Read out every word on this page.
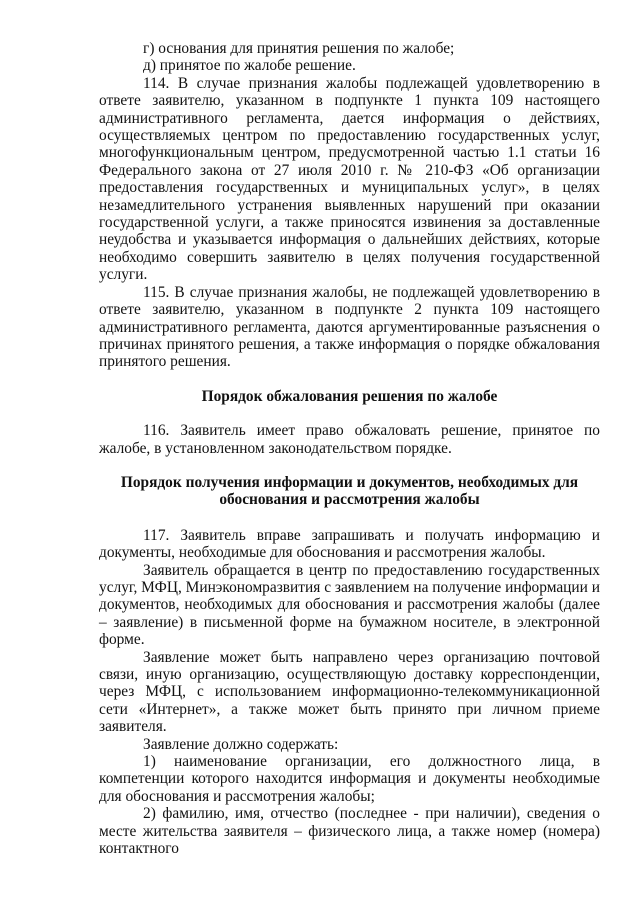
г) основания для принятия решения по жалобе;

д) принятое по жалобе решение.

114. В случае признания жалобы подлежащей удовлетворению в ответе заявителю, указанном в подпункте 1 пункта 109 настоящего административного регламента, дается информация о действиях, осуществляемых центром по предоставлению государственных услуг, многофункциональным центром, предусмотренной частью 1.1 статьи 16 Федерального закона от 27 июля 2010 г. № 210-ФЗ «Об организации предоставления государственных и муниципальных услуг», в целях незамедлительного устранения выявленных нарушений при оказании государственной услуги, а также приносятся извинения за доставленные неудобства и указывается информация о дальнейших действиях, которые необходимо совершить заявителю в целях получения государственной услуги.

115. В случае признания жалобы, не подлежащей удовлетворению в ответе заявителю, указанном в подпункте 2 пункта 109 настоящего административного регламента, даются аргументированные разъяснения о причинах принятого решения, а также информация о порядке обжалования принятого решения.

Порядок обжалования решения по жалобе

116. Заявитель имеет право обжаловать решение, принятое по жалобе, в установленном законодательством порядке.

Порядок получения информации и документов, необходимых для обоснования и рассмотрения жалобы

117. Заявитель вправе запрашивать и получать информацию и документы, необходимые для обоснования и рассмотрения жалобы.

Заявитель обращается в центр по предоставлению государственных услуг, МФЦ, Минэкономразвития с заявлением на получение информации и документов, необходимых для обоснования и рассмотрения жалобы (далее – заявление) в письменной форме на бумажном носителе, в электронной форме.

Заявление может быть направлено через организацию почтовой связи, иную организацию, осуществляющую доставку корреспонденции, через МФЦ, с использованием информационно-телекоммуникационной сети «Интернет», а также может быть принято при личном приеме заявителя.

Заявление должно содержать:

1) наименование организации, его должностного лица, в компетенции которого находится информация и документы необходимые для обоснования и рассмотрения жалобы;

2) фамилию, имя, отчество (последнее - при наличии), сведения о месте жительства заявителя – физического лица, а также номер (номера) контактного
